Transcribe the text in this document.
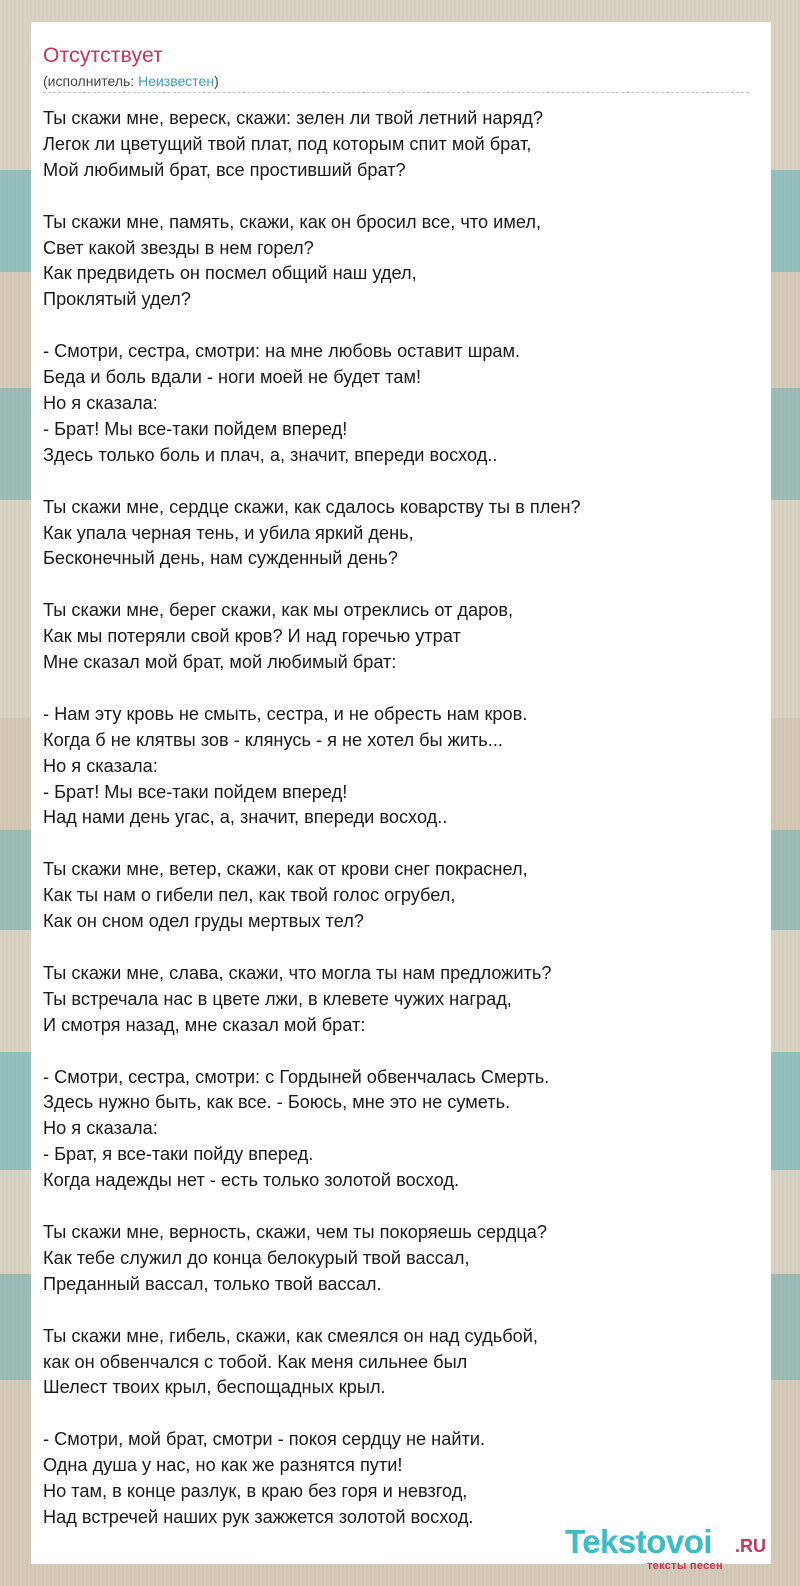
Отсутствует
(исполнитель: Неизвестен)
Ты скажи мне, вереск, скажи: зелен ли твой летний наряд?
Легок ли цветущий твой плат, под которым спит мой брат,
Мой любимый брат, все простивший брат?

Ты скажи мне, память, скажи, как он бросил все, что имел,
Свет какой звезды в нем горел?
Как предвидеть он посмел общий наш удел,
Проклятый удел?

- Смотри, сестра, смотри: на мне любовь оставит шрам.
Беда и боль вдали - ноги моей не будет там!
Но я сказала:
- Брат! Мы все-таки пойдем вперед!
Здесь только боль и плач, а, значит, впереди восход..

Ты скажи мне, сердце скажи, как сдалось коварству ты в плен?
Как упала черная тень, и убила яркий день,
Бесконечный день, нам сужденный день?

Ты скажи мне, берег скажи, как мы отреклись от даров,
Как мы потеряли свой кров? И над горечью утрат
Мне сказал мой брат, мой любимый брат:

- Нам эту кровь не смыть, сестра, и не обресть нам кров.
Когда б не клятвы зов - клянусь - я не хотел бы жить...
Но я сказала:
- Брат! Мы все-таки пойдем вперед!
Над нами день угас, а, значит, впереди восход..

Ты скажи мне, ветер, скажи, как от крови снег покраснел,
Как ты нам о гибели пел, как твой голос огрубел,
Как он сном одел груды мертвых тел?

Ты скажи мне, слава, скажи, что могла ты нам предложить?
Ты встречала нас в цвете лжи, в клевете чужих наград,
И смотря назад, мне сказал мой брат:

- Смотри, сестра, смотри: с Гордыней обвенчалась Смерть.
Здесь нужно быть, как все. - Боюсь, мне это не суметь.
Но я сказала:
- Брат, я все-таки пойду вперед.
Когда надежды нет - есть только золотой восход.

Ты скажи мне, верность, скажи, чем ты покоряешь сердца?
Как тебе служил до конца белокурый твой вассал,
Преданный вассал, только твой вассал.

Ты скажи мне, гибель, скажи, как смеялся он над судьбой,
как он обвенчался с тобой. Как меня сильнее был
Шелест твоих крыл, беспощадных крыл.

- Смотри, мой брат, смотри - покоя сердцу не найти.
Одна душа у нас, но как же разнятся пути!
Но там, в конце разлук, в краю без горя и невзгод,
Над встречей наших рук зажжется золотой восход.
Tekstovoi .RU
тексты песен
